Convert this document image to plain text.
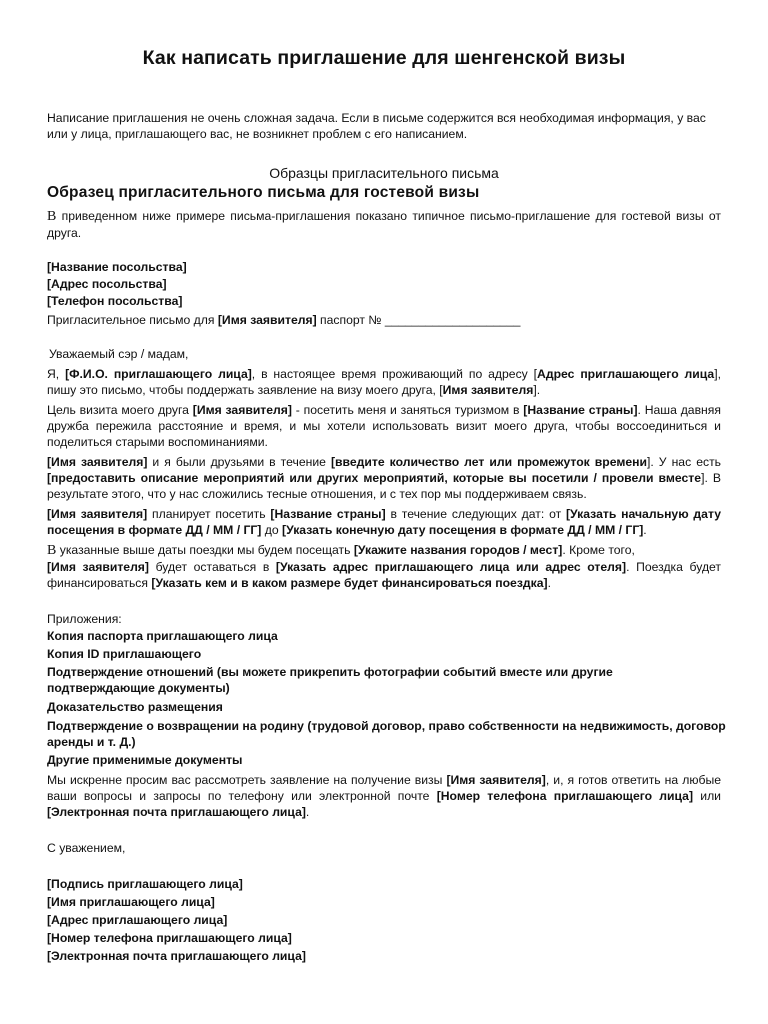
Как написать приглашение для шенгенской визы
Написание приглашения не очень сложная задача. Если в письме содержится вся необходимая информация, у вас или у лица, приглашающего вас, не возникнет проблем с его написанием.
Образцы пригласительного письма
Образец пригласительного письма для гостевой визы
В приведенном ниже примере письма-приглашения показано типичное письмо-приглашение для гостевой визы от друга.
[Название посольства]
[Адрес посольства]
[Телефон посольства]
Пригласительное письмо для [Имя заявителя] паспорт № ____________________
Уважаемый сэр / мадам,
Я, [Ф.И.О. приглашающего лица], в настоящее время проживающий по адресу [Адрес приглашающего лица], пишу это письмо, чтобы поддержать заявление на визу моего друга, [Имя заявителя].
Цель визита моего друга [Имя заявителя] - посетить меня и заняться туризмом в [Название страны]. Наша давняя дружба пережила расстояние и время, и мы хотели использовать визит моего друга, чтобы воссоединиться и поделиться старыми воспоминаниями.
[Имя заявителя] и я были друзьями в течение [введите количество лет или промежуток времени]. У нас есть [предоставить описание мероприятий или других мероприятий, которые вы посетили / провели вместе]. В результате этого, что у нас сложились тесные отношения, и с тех пор мы поддерживаем связь.
[Имя заявителя] планирует посетить [Название страны] в течение следующих дат: от [Указать начальную дату посещения в формате ДД / ММ / ГГ] до [Указать конечную дату посещения в формате ДД / ММ / ГГ].
В указанные выше даты поездки мы будем посещать [Укажите названия городов / мест]. Кроме того,
[Имя заявителя] будет оставаться в [Указать адрес приглашающего лица или адрес отеля]. Поездка будет финансироваться [Указать кем и в каком размере будет финансироваться поездка].
Приложения:
Копия паспорта приглашающего лица
Копия ID приглашающего
Подтверждение отношений (вы можете прикрепить фотографии событий вместе или другие подтверждающие документы)
Доказательство размещения
Подтверждение о возвращении на родину (трудовой договор, право собственности на недвижимость, договор аренды и т. Д.)
Другие применимые документы
Мы искренне просим вас рассмотреть заявление на получение визы [Имя заявителя], и, я готов ответить на любые ваши вопросы и запросы по телефону или электронной почте [Номер телефона приглашающего лица] или [Электронная почта приглашающего лица].
С уважением,
[Подпись приглашающего лица]
[Имя приглашающего лица]
[Адрес приглашающего лица]
[Номер телефона приглашающего лица]
[Электронная почта приглашающего лица]
